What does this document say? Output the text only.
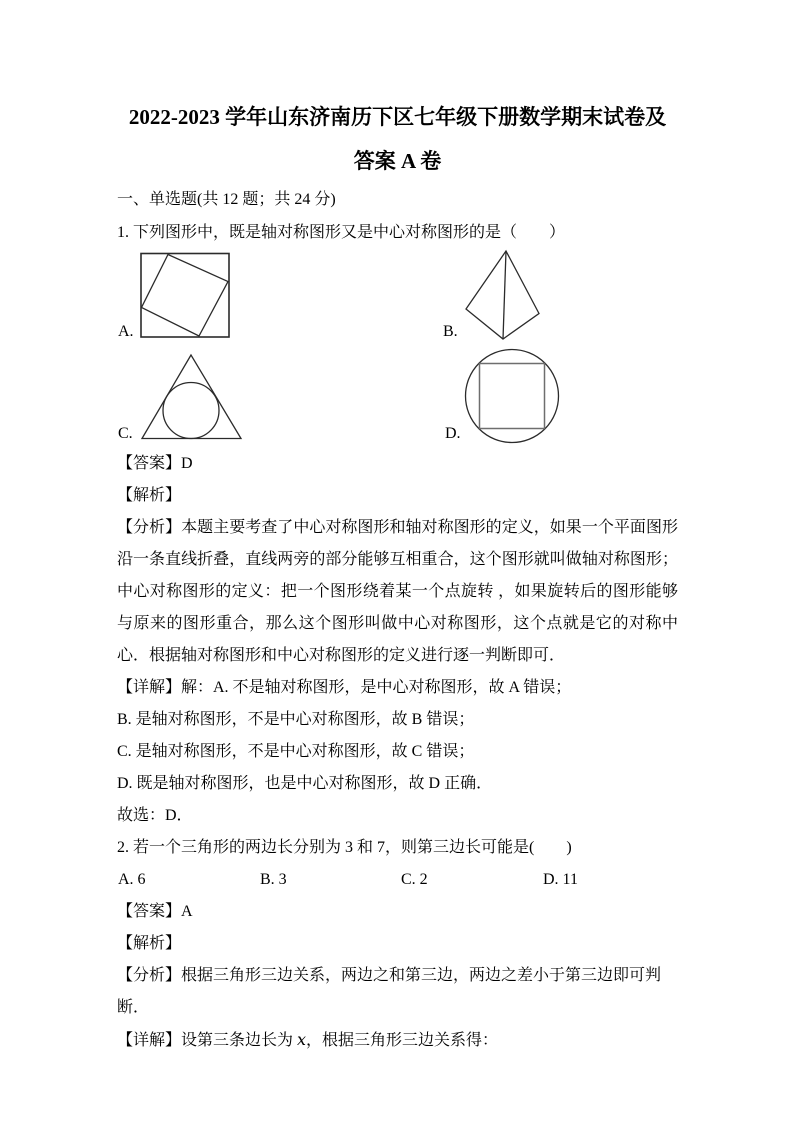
2022-2023 学年山东济南历下区七年级下册数学期末试卷及
答案 A 卷
一、单选题(共 12 题；共 24 分)
1. 下列图形中，既是轴对称图形又是中心对称图形的是（　　）
A.	B.
C.	D.
【答案】D
【解析】
【分析】本题主要考查了中心对称图形和轴对称图形的定义，如果一个平面图形沿一条直线折叠，直线两旁的部分能够互相重合，这个图形就叫做轴对称图形；中心对称图形的定义：把一个图形绕着某一个点旋转 ，如果旋转后的图形能够与原来的图形重合，那么这个图形叫做中心对称图形，这个点就是它的对称中心．根据轴对称图形和中心对称图形的定义进行逐一判断即可．
【详解】解：A. 不是轴对称图形，是中心对称图形，故 A 错误；
B. 是轴对称图形，不是中心对称图形，故 B 错误；
C. 是轴对称图形，不是中心对称图形，故 C 错误；
D. 既是轴对称图形，也是中心对称图形，故 D 正确．
故选：D．
2. 若一个三角形的两边长分别为 3 和 7，则第三边长可能是(　　)
A. 6	B. 3	C. 2	D. 11
【答案】A
【解析】
【分析】根据三角形三边关系，两边之和第三边，两边之差小于第三边即可判断．
【详解】设第三条边长为 x，根据三角形三边关系得：
